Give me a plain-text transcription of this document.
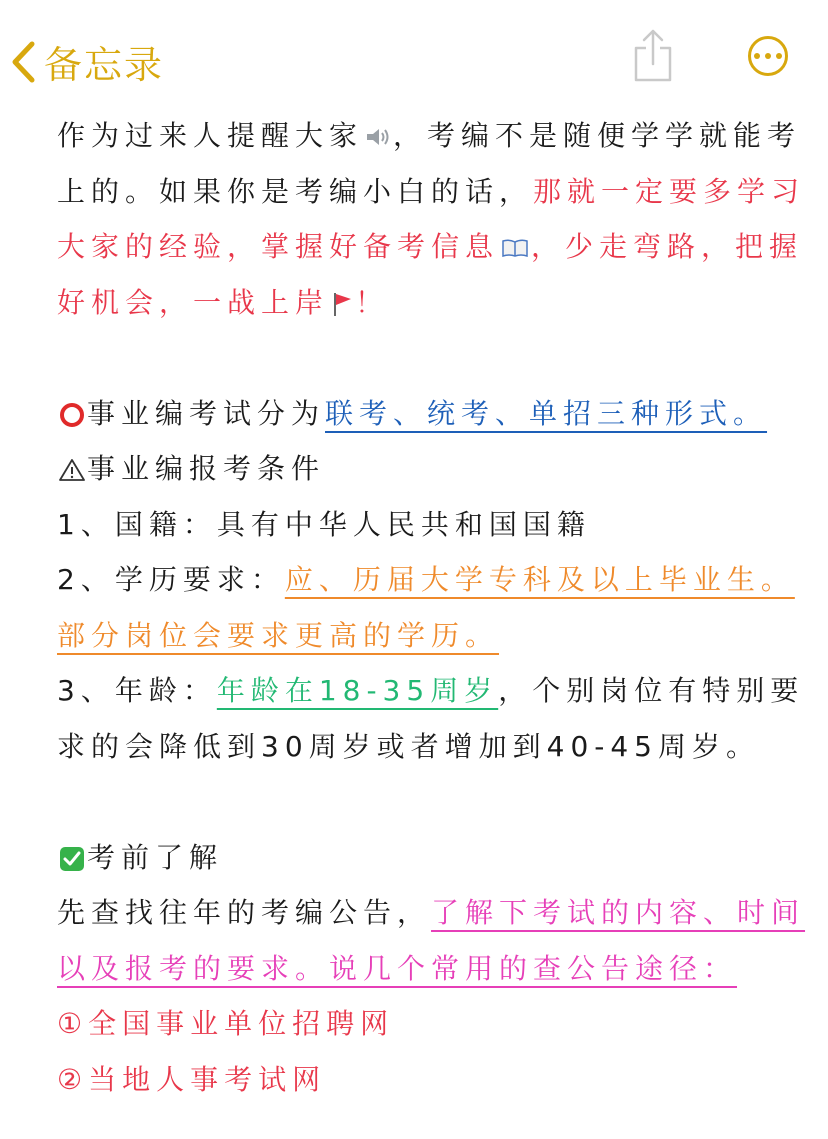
备忘录
作为过来人提醒大家 ，考编不是随便学学就能考
上的。如果你是考编小白的话，那就一定要多学习
大家的经验，掌握好备考信息 ，少走弯路，把握
好机会，一战上岸 ！
事业编考试分为联考、统考、单招三种形式。
事业编报考条件
1、国籍：具有中华人民共和国国籍
2、学历要求：应、历届大学专科及以上毕业生。
部分岗位会要求更高的学历。
3、年龄：年龄在18-35周岁，个别岗位有特别要
求的会降低到30周岁或者增加到40-45周岁。
考前了解
先查找往年的考编公告，了解下考试的内容、时间
以及报考的要求。说几个常用的查公告途径：
①全国事业单位招聘网
②当地人事考试网
